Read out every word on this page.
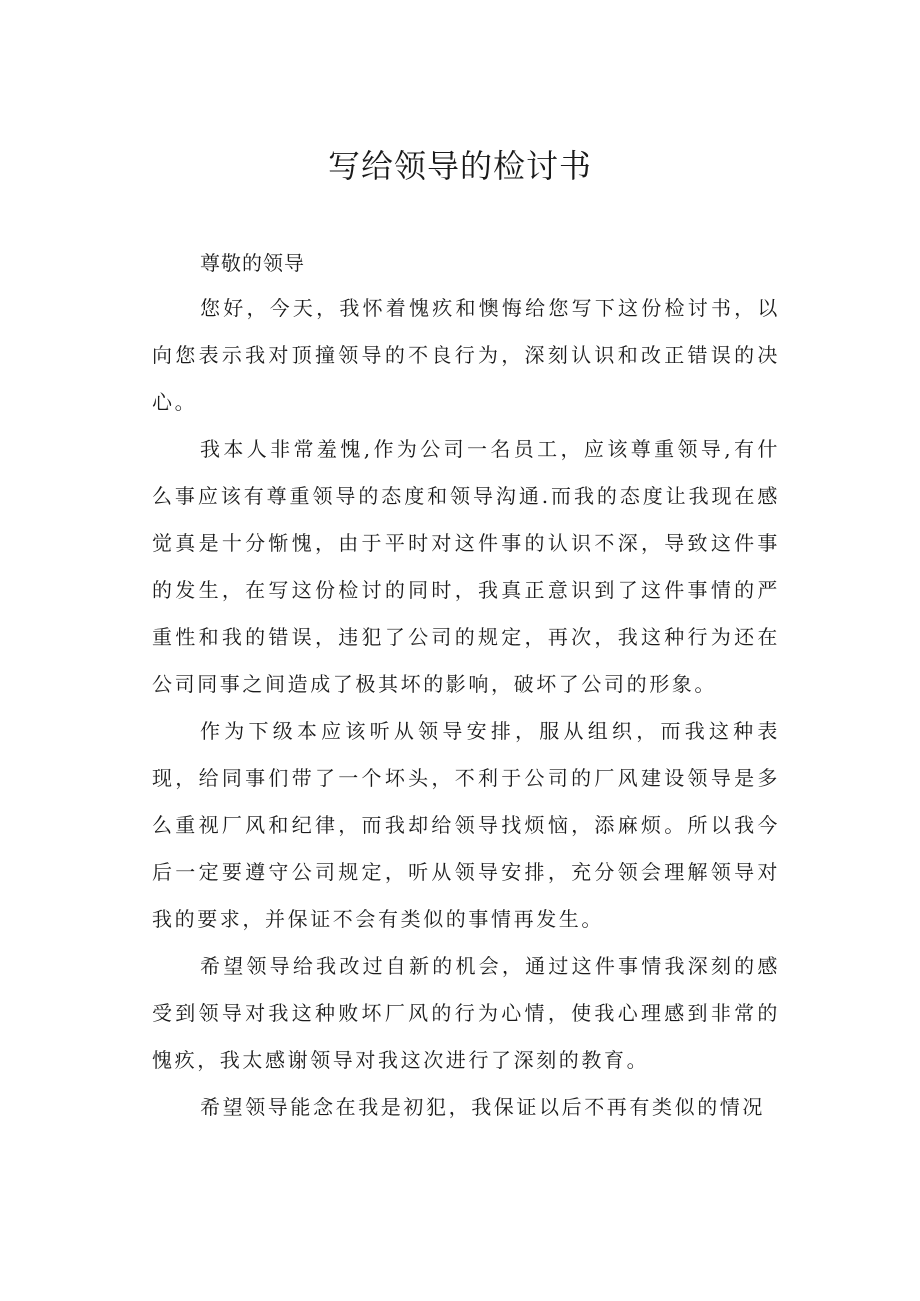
写给领导的检讨书

尊敬的领导

您好，今天，我怀着愧疚和懊悔给您写下这份检讨书，以向您表示我对顶撞领导的不良行为，深刻认识和改正错误的决心。

我本人非常羞愧,作为公司一名员工，应该尊重领导,有什么事应该有尊重领导的态度和领导沟通.而我的态度让我现在感觉真是十分惭愧，由于平时对这件事的认识不深，导致这件事的发生，在写这份检讨的同时，我真正意识到了这件事情的严重性和我的错误，违犯了公司的规定，再次，我这种行为还在公司同事之间造成了极其坏的影响，破坏了公司的形象。

作为下级本应该听从领导安排，服从组织，而我这种表现，给同事们带了一个坏头，不利于公司的厂风建设领导是多么重视厂风和纪律，而我却给领导找烦恼，添麻烦。所以我今后一定要遵守公司规定，听从领导安排，充分领会理解领导对我的要求，并保证不会有类似的事情再发生。

希望领导给我改过自新的机会，通过这件事情我深刻的感受到领导对我这种败坏厂风的行为心情，使我心理感到非常的愧疚，我太感谢领导对我这次进行了深刻的教育。

希望领导能念在我是初犯，我保证以后不再有类似的情况
